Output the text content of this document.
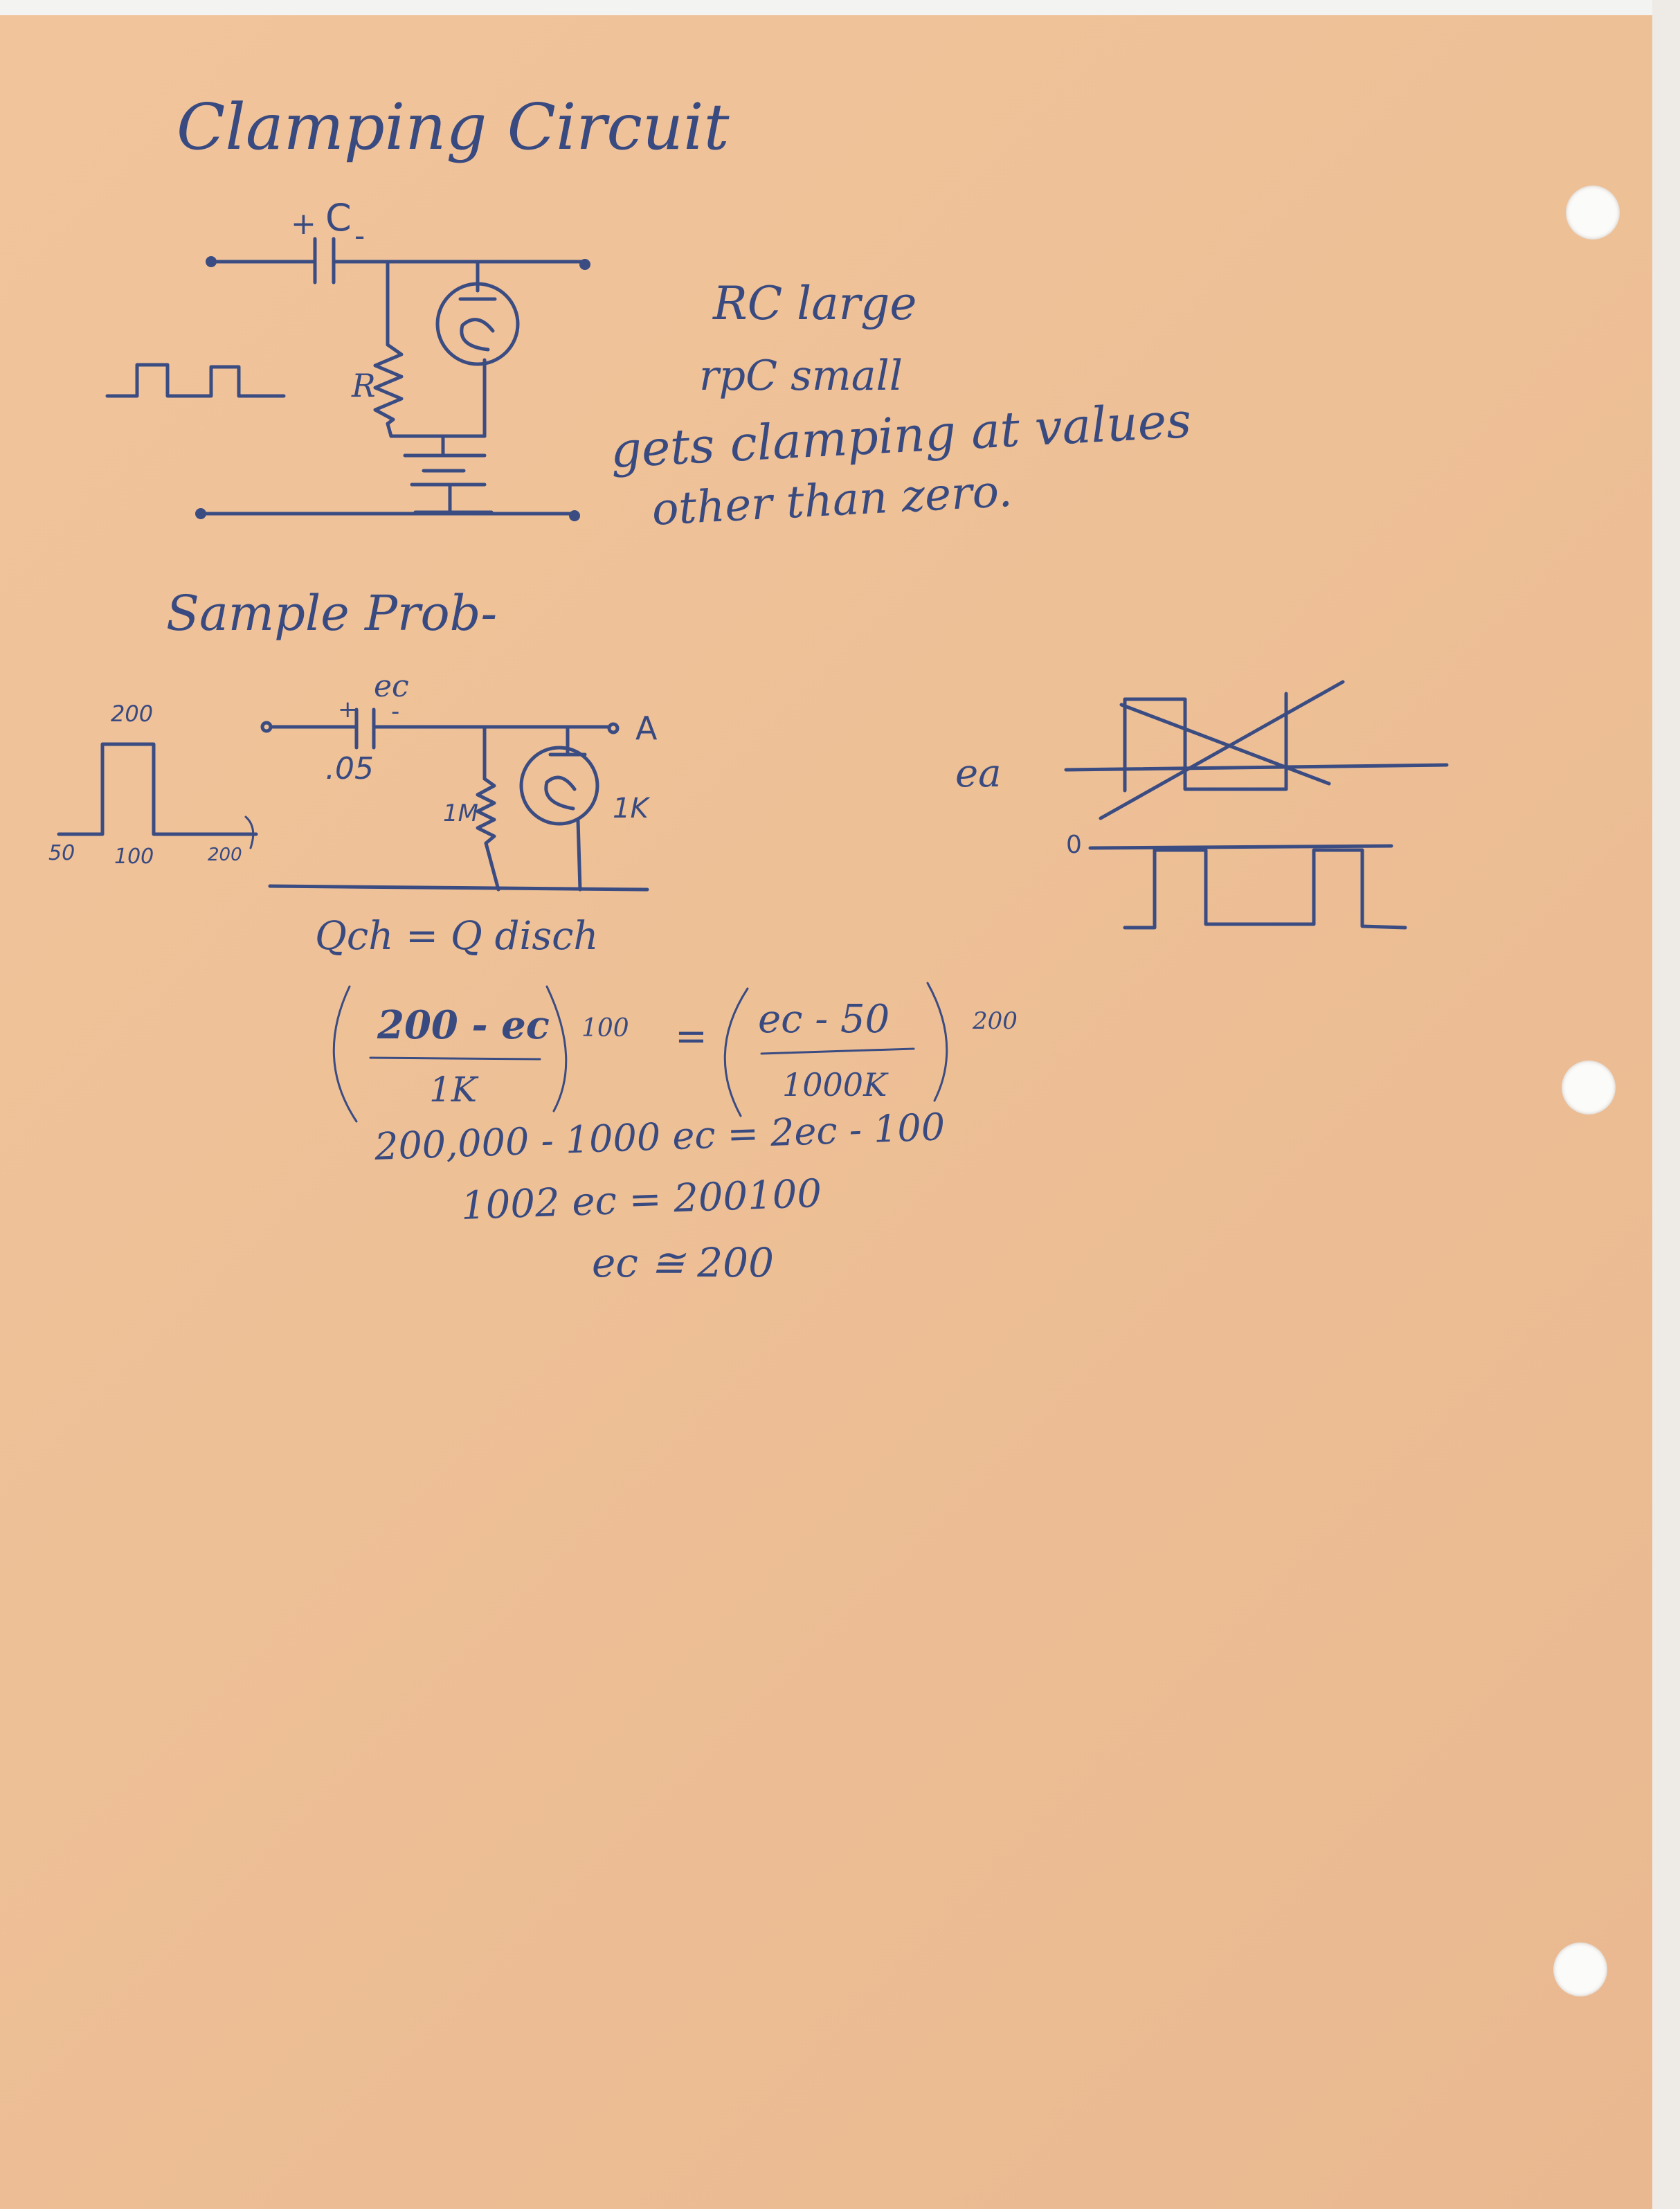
Clamping Circuit
+ C -
R
RC large
rpC small
gets clamping at values
other than zero.
Sample Prob-
200
50 100	200
+
ec
-
.05
1M	1K
A
ea
0
Qch = Q disch
200 - ec
1K
100 = ec - 50
1000K
200
200,000 - 1000 ec = 2ec - 100
1002 ec = 200100
ec ≅ 200
